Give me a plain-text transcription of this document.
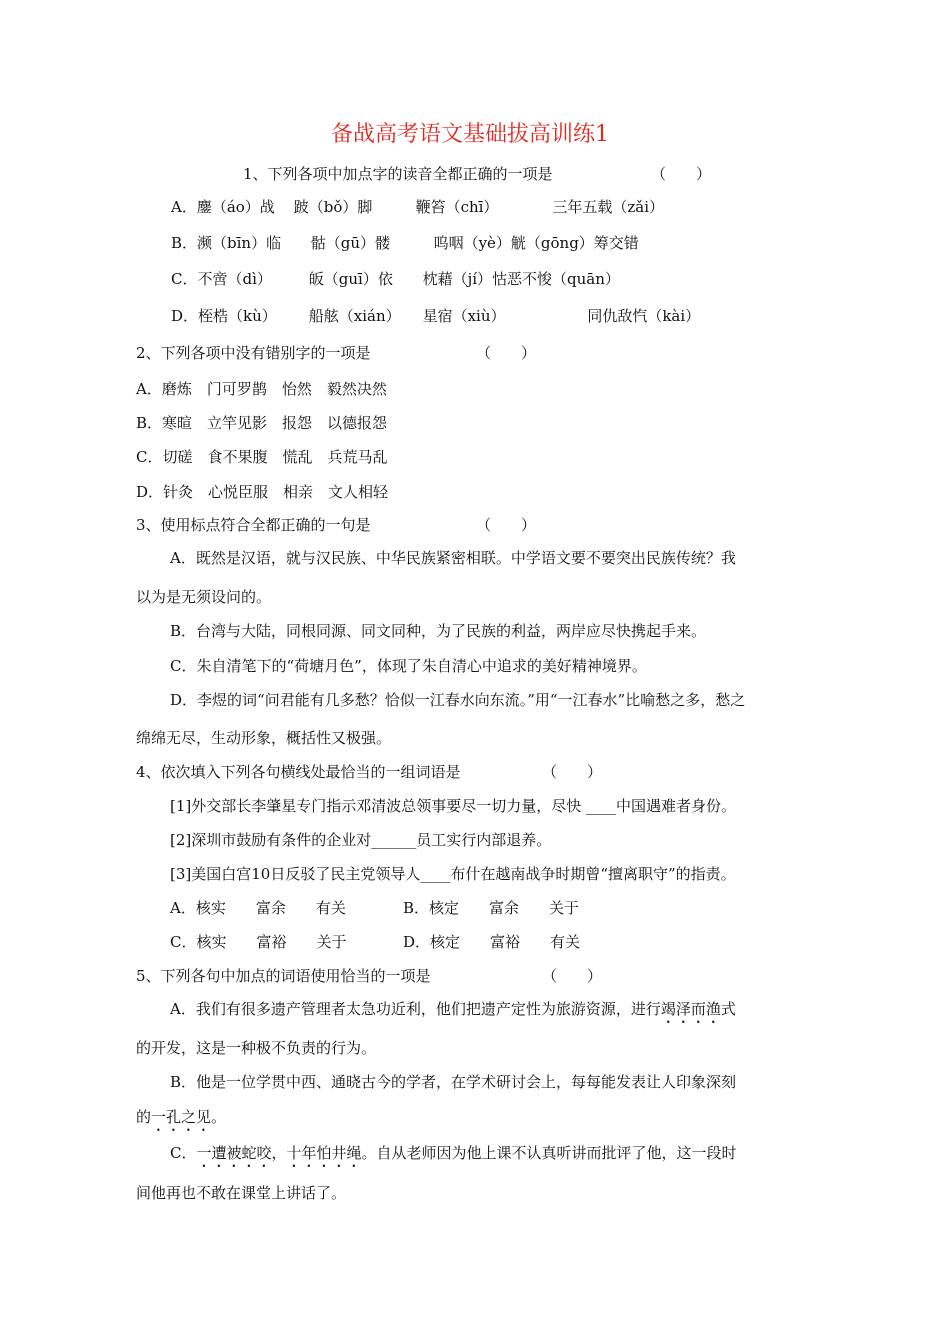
备战高考语文基础拔高训练1
1、下列各项中加点字的读音全都正确的一项是	（　　）
A．鏖（áo）战 跛（bǒ）脚	鞭笞（chī）	三年五载（zǎi）
B．濒（bīn）临 骷（gū）髅	呜咽（yè）觥（gōng）筹交错
C．不啻（dì） 皈（guī）依 枕藉（jí）怙恶不悛（quān）
D．桎梏（kù） 船舷（xián） 星宿（xiù）	同仇敌忾（kài）
2、下列各项中没有错别字的一项是	（　　）
A．磨炼　门可罗鹊　怡然　毅然决然
B．寒暄　立竿见影　报怨　以德报怨
C．切磋　食不果腹　慌乱　兵荒马乱
D．针灸　心悦臣服　相亲　文人相轻
3、使用标点符合全都正确的一句是	（　　）
A．既然是汉语，就与汉民族、中华民族紧密相联。中学语文要不要突出民族传统？我
以为是无须设问的。
B．台湾与大陆，同根同源、同文同种，为了民族的利益，两岸应尽快携起手来。
C．朱自清笔下的“荷塘月色”，体现了朱自清心中追求的美好精神境界。
D．李煜的词“问君能有几多愁？恰似一江春水向东流。”用“一江春水”比喻愁之多，愁之
绵绵无尽，生动形象，概括性又极强。
4、依次填入下列各句横线处最恰当的一组词语是	（　　）
[1]外交部长李肇星专门指示邓清波总领事要尽一切力量，尽快 ____中国遇难者身份。
[2]深圳市鼓励有条件的企业对______员工实行内部退养。
[3]美国白宫10日反驳了民主党领导人____布什在越南战争时期曾“擅离职守”的指责。
A．核实　　富余　　有关	B．核定　　富余　　关于
C．核实　　富裕　　关于	D．核定　　富裕　　有关
5、下列各句中加点的词语使用恰当的一项是	（　　）
A．我们有很多遗产管理者太急功近利，他们把遗产定性为旅游资源，进行竭泽而渔式
的开发，这是一种极不负责的行为。
B．他是一位学贯中西、通晓古今的学者，在学术研讨会上，每每能发表让人印象深刻
的一孔之见。
C．一遭被蛇咬，十年怕井绳。自从老师因为他上课不认真听讲而批评了他，这一段时
间他再也不敢在课堂上讲话了。
